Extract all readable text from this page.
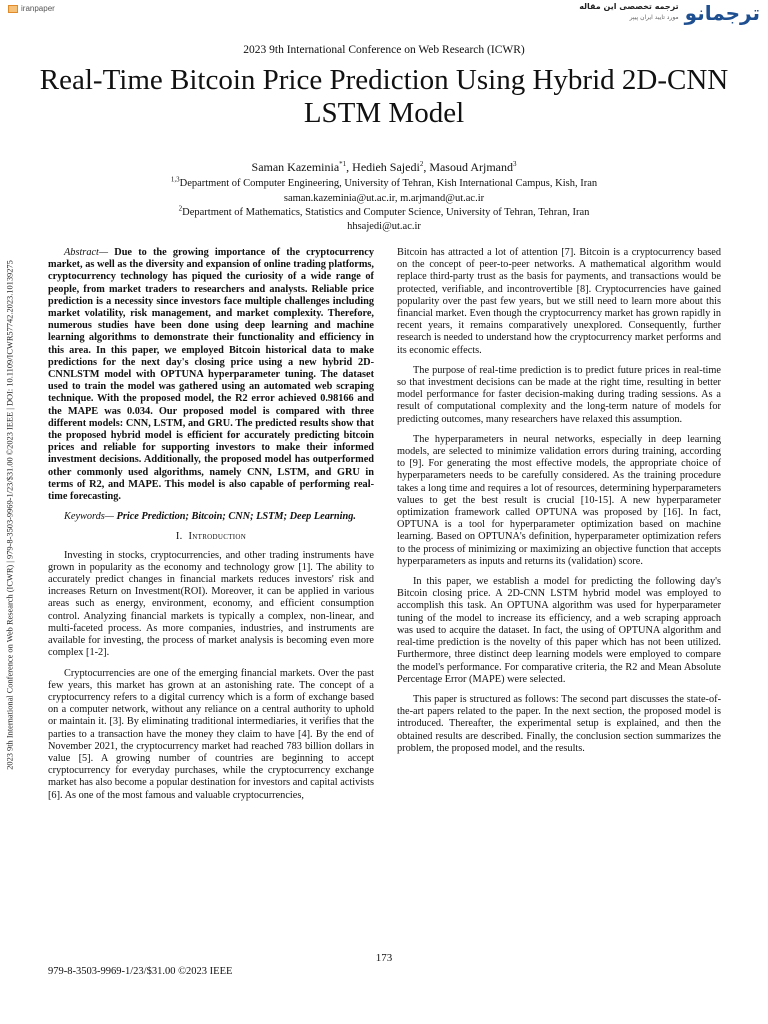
iranpaper	ترجمه تخصصی این مقاله
مورد تایید ایران پیپر ترجمانو
2023 9th International Conference on Web Research (ICWR) | 979-8-3503-9969-1/23/$31.00 ©2023 IEEE | DOI: 10.1109/ICWR57742.2023.10139275
2023 9th International Conference on Web Research (ICWR)
Real-Time Bitcoin Price Prediction Using Hybrid 2D-CNN LSTM Model
Saman Kazeminia$^{*1}$, Hedieh Sajedi$^2$, Masoud Arjmand$^3$
$^{1,3}$Department of Computer Engineering, University of Tehran, Kish International Campus, Kish, Iran
saman.kazeminia@ut.ac.ir, m.arjmand@ut.ac.ir
$^2$Department of Mathematics, Statistics and Computer Science, University of Tehran, Tehran, Iran
hhsajedi@ut.ac.ir

Abstract— Due to the growing importance of the cryptocurrency market, as well as the diversity and expansion of online trading platforms, cryptocurrency technology has piqued the curiosity of a wide range of people, from market traders to researchers and analysts. Reliable price prediction is a necessity since investors face multiple challenges including market volatility, risk management, and market complexity. Therefore, numerous studies have been done using deep learning and machine learning algorithms to demonstrate their functionality and efficiency in this area. In this paper, we employed Bitcoin historical data to make predictions for the next day's closing price using a new hybrid 2D-CNNLSTM model with OPTUNA hyperparameter tuning. The dataset used to train the model was gathered using an automated web scraping technique. With the proposed model, the R2 error achieved 0.98166 and the MAPE was 0.034. Our proposed model is compared with three different models: CNN, LSTM, and GRU. The predicted results show that the proposed hybrid model is efficient for accurately predicting bitcoin prices and reliable for supporting investors to make their informed investment decisions. Additionally, the proposed model has outperformed other commonly used algorithms, namely CNN, LSTM, and GRU in terms of R2, and MAPE. This model is also capable of performing real-time forecasting.

Keywords— Price Prediction; Bitcoin; CNN; LSTM; Deep Learning.

I. Introduction

Investing in stocks, cryptocurrencies, and other trading instruments have grown in popularity as the economy and technology grow [1]. The ability to accurately predict changes in financial markets reduces investors' risk and increases Return on Investment(ROI). Moreover, it can be applied in various areas such as energy, environment, economy, and efficient consumption control. Analyzing financial markets is typically a complex, non-linear, and multi-faceted process. As more companies, industries, and instruments are available for investing, the process of market analysis is becoming even more complex [1-2].

Cryptocurrencies are one of the emerging financial markets. Over the past few years, this market has grown at an astonishing rate. The concept of a cryptocurrency refers to a digital currency which is a form of exchange based on a computer network, without any reliance on a central authority to uphold or maintain it. [3]. By eliminating traditional intermediaries, it verifies that the parties to a transaction have the money they claim to have [4]. By the end of November 2021, the cryptocurrency market had reached 783 billion dollars in value [5]. A growing number of countries are beginning to accept cryptocurrency for everyday purchases, while the cryptocurrency exchange market has also become a popular destination for investors and capital activists [6]. As one of the most famous and valuable cryptocurrencies,

Bitcoin has attracted a lot of attention [7]. Bitcoin is a cryptocurrency based on the concept of peer-to-peer networks. A mathematical algorithm would replace third-party trust as the basis for payments, and transactions would be protected, verifiable, and incontrovertible [8]. Cryptocurrencies have gained popularity over the past few years, but we still need to learn more about this financial market. Even though the cryptocurrency market has grown rapidly in recent years, it remains comparatively unexplored. Consequently, further research is needed to understand how the cryptocurrency market performs and its economic effects.

The purpose of real-time prediction is to predict future prices in real-time so that investment decisions can be made at the right time, resulting in better model performance for faster decision-making during trading sessions. As a result of computational complexity and the long-term nature of models for predicting outcomes, many researchers have relaxed this assumption.

The hyperparameters in neural networks, especially in deep learning models, are selected to minimize validation errors during training, according to [9]. For generating the most effective models, the appropriate choice of hyperparameters needs to be carefully considered. As the training procedure takes a long time and requires a lot of resources, determining hyperparameters values to get the best result is crucial [10-15]. A new hyperparameter optimization framework called OPTUNA was proposed by [16]. In fact, OPTUNA is a tool for hyperparameter optimization based on machine learning. Based on OPTUNA's definition, hyperparameter optimization refers to the process of minimizing or maximizing an objective function that accepts hyperparameters as inputs and returns its (validation) score.

In this paper, we establish a model for predicting the following day's Bitcoin closing price. A 2D-CNN LSTM hybrid model was employed to accomplish this task. An OPTUNA algorithm was used for hyperparameter tuning of the model to increase its efficiency, and a web scraping approach was used to acquire the dataset. In fact, the using of OPTUNA algorithm and real-time prediction is the novelty of this paper which has not been utilized. Furthermore, three distinct deep learning models were employed to compare the model's performance. For comparative criteria, the R2 and Mean Absolute Percentage Error (MAPE) were selected.

This paper is structured as follows: The second part discusses the state-of-the-art papers related to the paper. In the next section, the proposed model is introduced. Thereafter, the experimental setup is explained, and then the obtained results are described. Finally, the conclusion section summarizes the problem, the proposed model, and the results.

173
979-8-3503-9969-1/23/$31.00 ©2023 IEEE
